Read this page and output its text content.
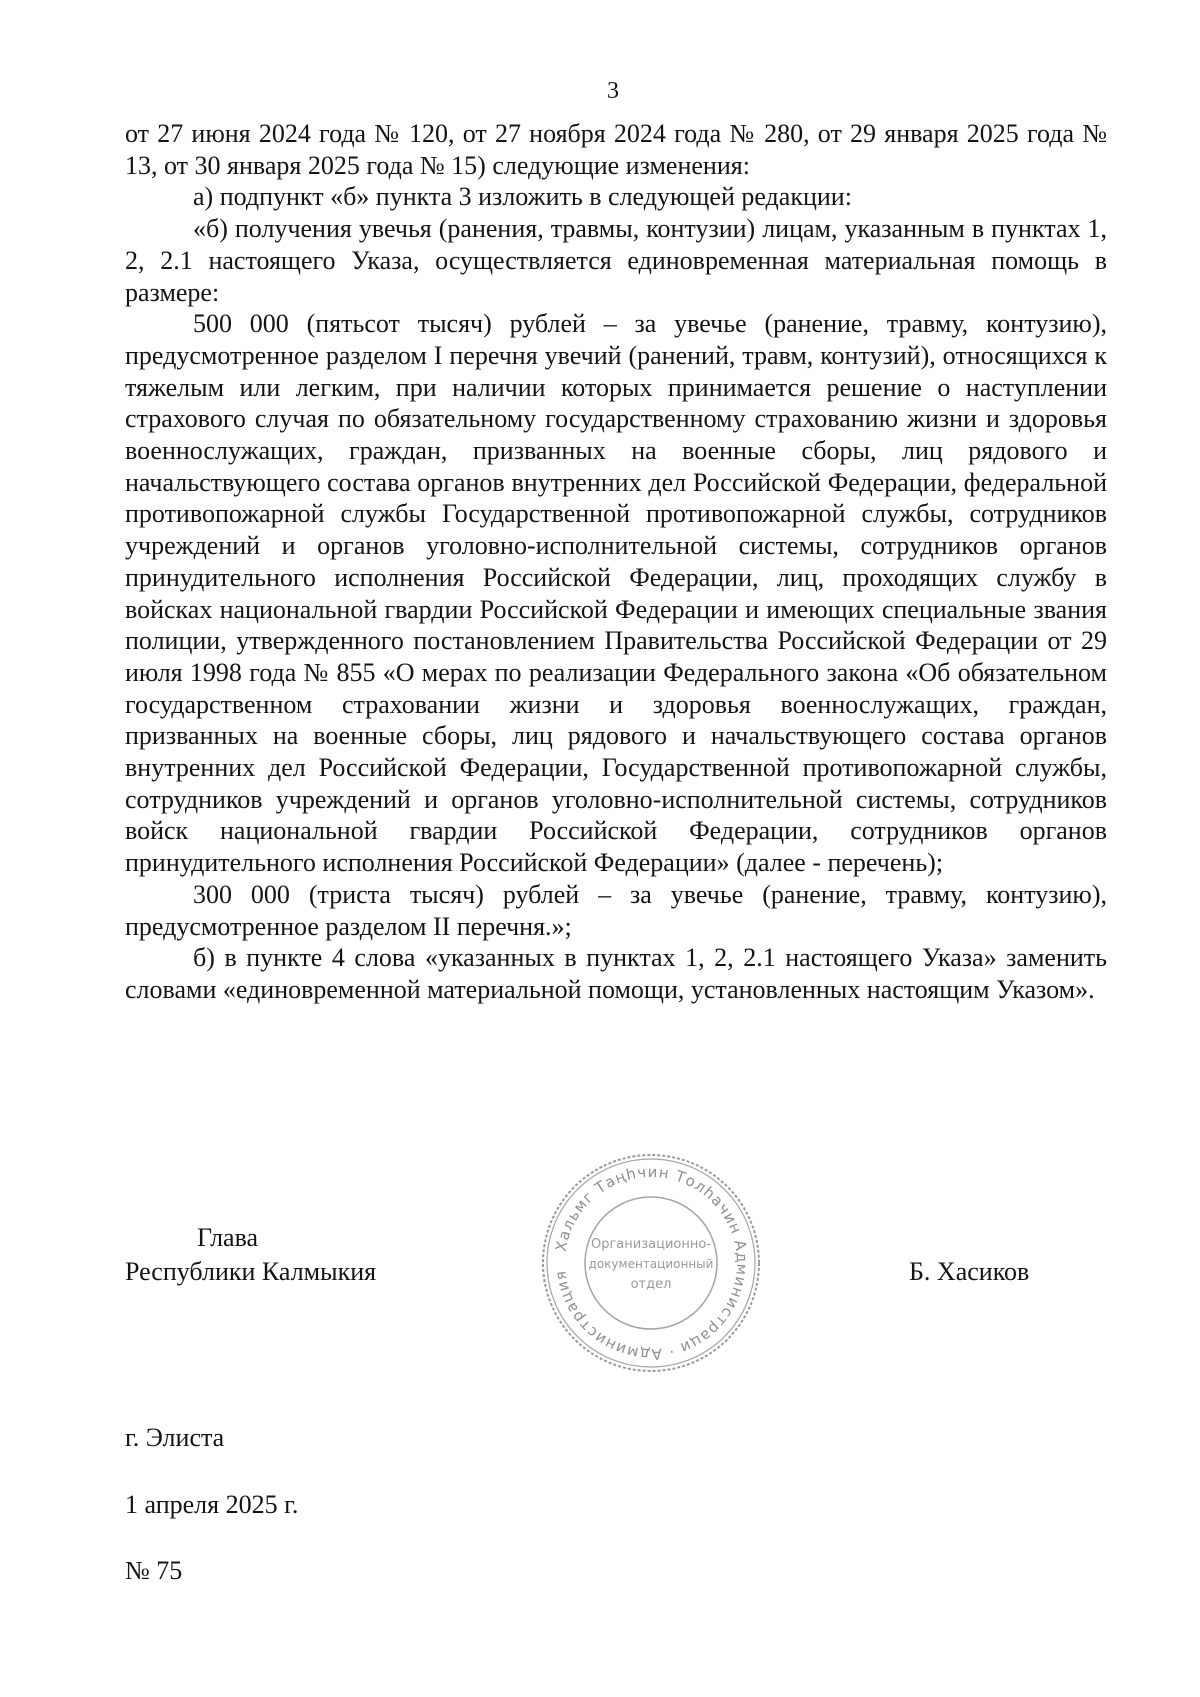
3

от 27 июня 2024 года № 120, от 27 ноября 2024 года № 280, от 29 января 2025 года № 13, от 30 января 2025 года № 15) следующие изменения:

а) подпункт «б» пункта 3 изложить в следующей редакции:

«б) получения увечья (ранения, травмы, контузии) лицам, указанным в пунктах 1, 2, 2.1 настоящего Указа, осуществляется единовременная материальная помощь в размере:

500 000 (пятьсот тысяч) рублей – за увечье (ранение, травму, контузию), предусмотренное разделом I перечня увечий (ранений, травм, контузий), относящихся к тяжелым или легким, при наличии которых принимается решение о наступлении страхового случая по обязательному государственному страхованию жизни и здоровья военнослужащих, граждан, призванных на военные сборы, лиц рядового и начальствующего состава органов внутренних дел Российской Федерации, федеральной противопожарной службы Государственной противопожарной службы, сотрудников учреждений и органов уголовно-исполнительной системы, сотрудников органов принудительного исполнения Российской Федерации, лиц, проходящих службу в войсках национальной гвардии Российской Федерации и имеющих специальные звания полиции, утвержденного постановлением Правительства Российской Федерации от 29 июля 1998 года № 855 «О мерах по реализации Федерального закона «Об обязательном государственном страховании жизни и здоровья военнослужащих, граждан, призванных на военные сборы, лиц рядового и начальствующего состава органов внутренних дел Российской Федерации, Государственной противопожарной службы, сотрудников учреждений и органов уголовно-исполнительной системы, сотрудников войск национальной гвардии Российской Федерации, сотрудников органов принудительного исполнения Российской Федерации» (далее - перечень);

300 000 (триста тысяч) рублей – за увечье (ранение, травму, контузию), предусмотренное разделом II перечня.»;

б) в пункте 4 слова «указанных в пунктах 1, 2, 2.1 настоящего Указа» заменить словами «единовременной материальной помощи, установленных настоящим Указом».

Глава
Республики Калмыкия
Хальмг Таңһчин Толһачин Администраци · Администрация
Организационно-
документационный
отдел	Б. Хасиков
г. Элиста
1 апреля 2025 г.
№ 75
